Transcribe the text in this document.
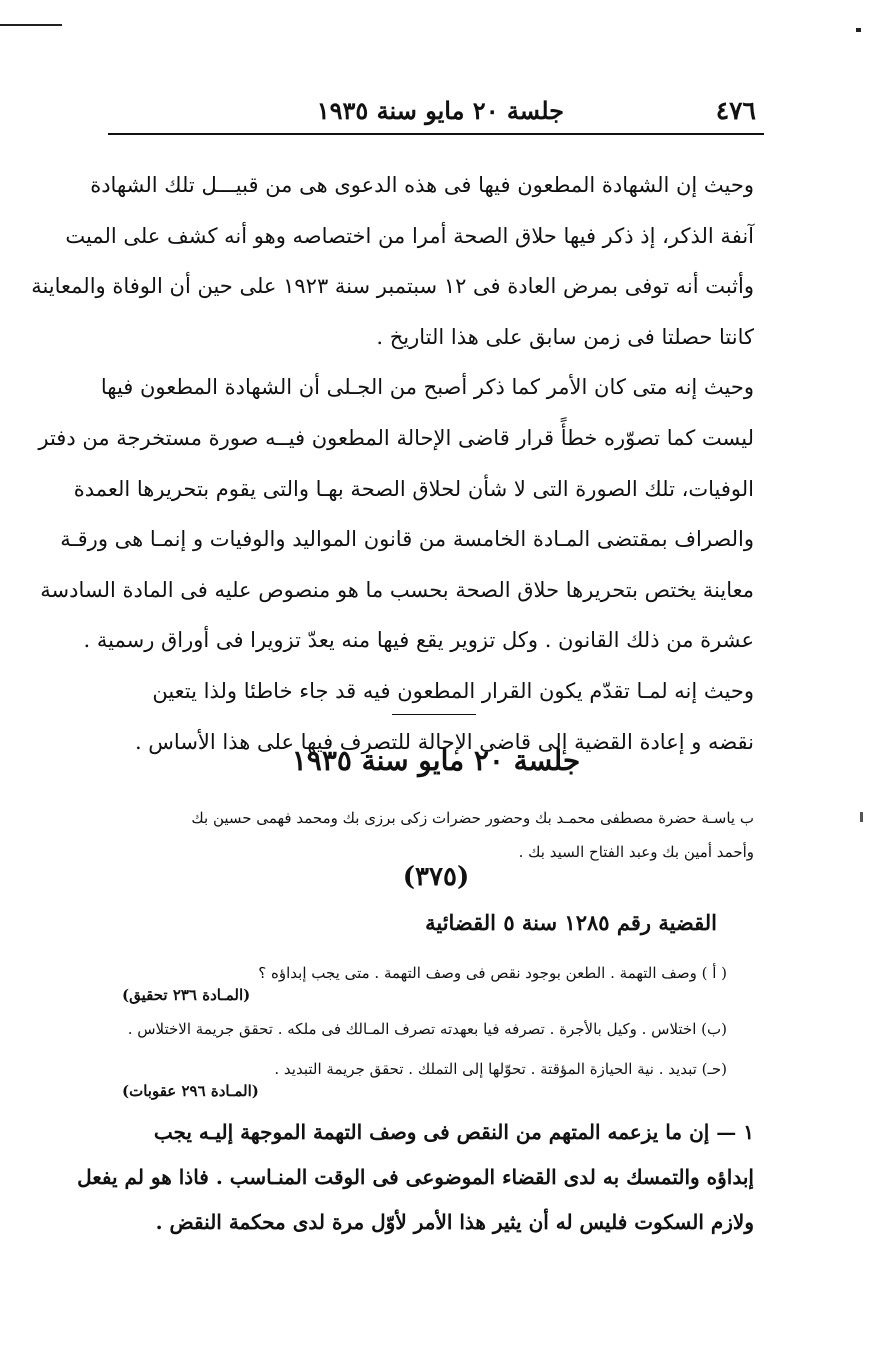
٤٧٦
جلسة ٢٠ مايو سنة ١٩٣٥
وحيث إن الشهادة المطعون فيها فى هذه الدعوى هى من قبيـــل تلك الشهادة
آنفة الذكر، إذ ذكر فيها حلاق الصحة أمرا من اختصاصه وهو أنه كشف على الميت
وأثبت أنه توفى بمرض العادة فى ١٢ سبتمبر سنة ١٩٢٣ على حين أن الوفاة والمعاينة
كانتا حصلتا فى زمن سابق على هذا التاريخ .
وحيث إنه متى كان الأمر كما ذكر أصبح من الجـلى أن الشهادة المطعون فيها
ليست كما تصوّره خطأً قرار قاضى الإحالة المطعون فيــه صورة مستخرجة من دفتر
الوفيات، تلك الصورة التى لا شأن لحلاق الصحة بهـا والتى يقوم بتحريرها العمدة
والصراف بمقتضى المـادة الخامسة من قانون المواليد والوفيات و إنمـا هى ورقـة
معاينة يختص بتحريرها حلاق الصحة بحسب ما هو منصوص عليه فى المادة السادسة
عشرة من ذلك القانون . وكل تزوير يقع فيها منه يعدّ تزويرا فى أوراق رسمية .
وحيث إنه لمـا تقدّم يكون القرار المطعون فيه قد جاء خاطئا ولذا يتعين
نقضه و إعادة القضية إلى قاضى الإحالة للتصرف فيها على هذا الأساس .
جلسة ٢٠ مايو سنة ١٩٣٥
ب ياسـة حضرة مصطفى محمـد بك وحضور حضرات زكى برزى بك ومحمد فهمى حسين بك
وأحمد أمين بك وعبد الفتاح السيد بك .
(٣٧٥)
القضية رقم ١٢٨٥ سنة ٥ القضائية
( أ ) وصف التهمة . الطعن بوجود نقص فى وصف التهمة . متى يجب إبداؤه ؟
(المـادة ٢٣٦ تحقيق)
(ب) اختلاس . وكيل بالأجرة . تصرفه فيا بعهدته تصرف المـالك فى ملكه . تحقق جريمة الاختلاس .
(حـ) تبديد . نية الحيازة المؤقتة . تحوّلها إلى التملك . تحقق جريمة التبديد .
(المـادة ٢٩٦ عقوبات)
١ — إن ما يزعمه المتهم من النقص فى وصف التهمة الموجهة إليـه يجب
إبداؤه والتمسك به لدى القضاء الموضوعى فى الوقت المنـاسب . فاذا هو لم يفعل
ولازم السكوت فليس له أن يثير هذا الأمر لأوّل مرة لدى محكمة النقض .
